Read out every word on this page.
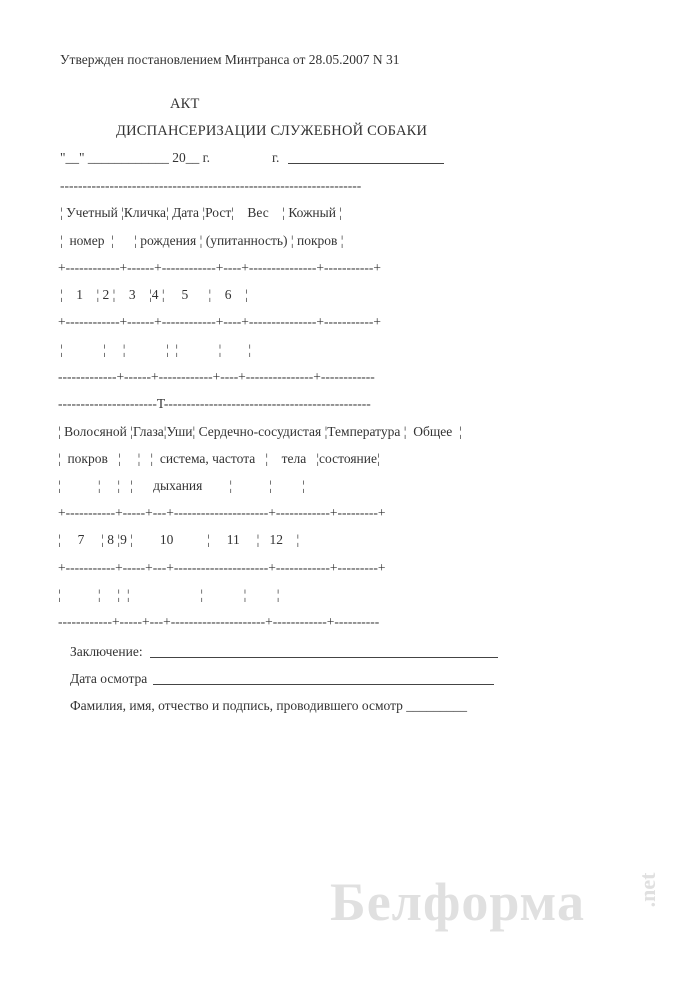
Утвержден постановлением Минтранса от 28.05.2007 N 31
АКТ
ДИСПАНСЕРИЗАЦИИ СЛУЖЕБНОЙ СОБАКИ
"__" ____________ 20__ г.	г.
-------------------------------------------------------------------
¦ Учетный ¦Кличка¦ Дата ¦Рост¦    Вес    ¦ Кожный ¦
¦  номер  ¦      ¦ рождения ¦ (упитанность) ¦ покров ¦
+------------+------+------------+----+---------------+-----------+
¦    1    ¦ 2 ¦    3    ¦4 ¦     5      ¦    6    ¦
+------------+------+------------+----+---------------+-----------+
¦            ¦     ¦            ¦  ¦            ¦        ¦
-------------+------+------------+----+---------------+------------
----------------------T----------------------------------------------
¦ Волосяной ¦Глаза¦Уши¦ Сердечно-сосудистая ¦Температура ¦  Общее  ¦
¦  покров   ¦     ¦   ¦  система, частота   ¦    тела   ¦состояние¦
¦           ¦     ¦   ¦      дыхания        ¦           ¦         ¦
+-----------+-----+---+---------------------+------------+---------+
¦     7     ¦ 8 ¦9 ¦        10          ¦     11     ¦   12    ¦
+-----------+-----+---+---------------------+------------+---------+
¦           ¦     ¦  ¦                     ¦            ¦         ¦
------------+-----+---+---------------------+------------+----------
Заключение:
Дата осмотра
Фамилия, имя, отчество и подпись, проводившего осмотр _________
Белформа	.net
